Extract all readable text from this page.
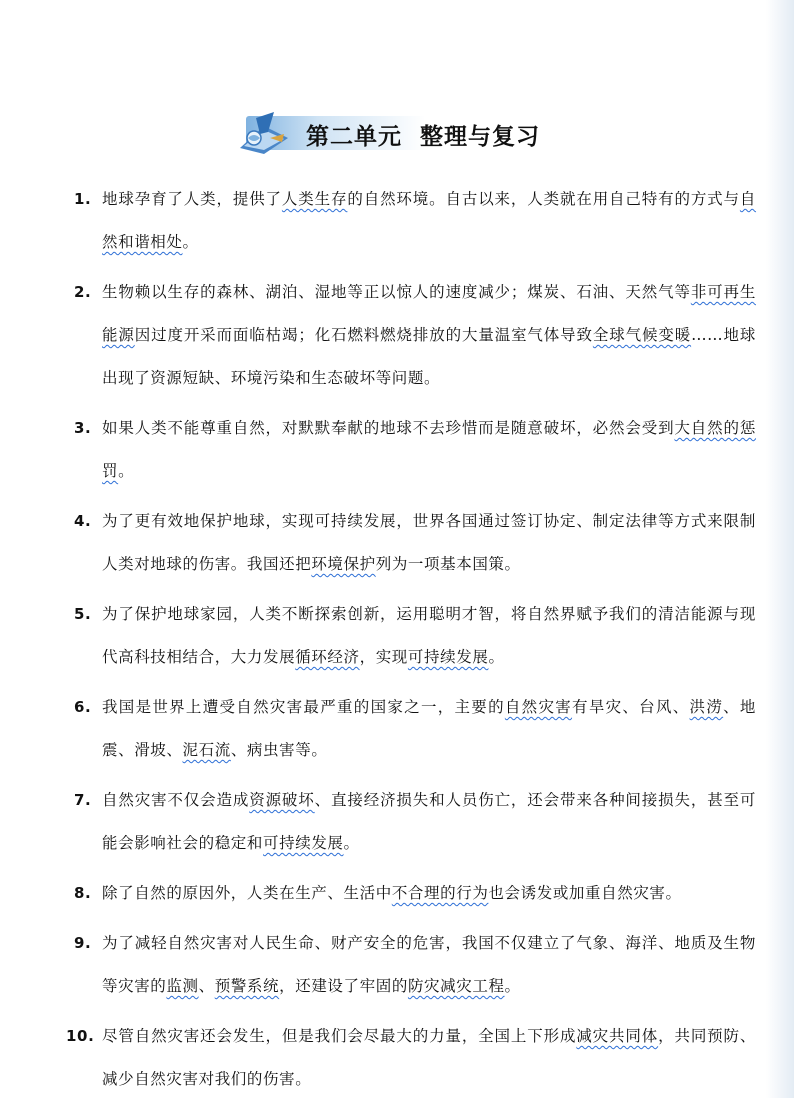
第二单元  整理与复习
1. 地球孕育了人类，提供了人类生存的自然环境。自古以来，人类就在用自己特有的方式与自然和谐相处。
2. 生物赖以生存的森林、湖泊、湿地等正以惊人的速度减少；煤炭、石油、天然气等非可再生能源因过度开采而面临枯竭；化石燃料燃烧排放的大量温室气体导致全球气候变暖……地球出现了资源短缺、环境污染和生态破坏等问题。
3. 如果人类不能尊重自然，对默默奉献的地球不去珍惜而是随意破坏，必然会受到大自然的惩罚。
4. 为了更有效地保护地球，实现可持续发展，世界各国通过签订协定、制定法律等方式来限制人类对地球的伤害。我国还把环境保护列为一项基本国策。
5. 为了保护地球家园，人类不断探索创新，运用聪明才智，将自然界赋予我们的清洁能源与现代高科技相结合，大力发展循环经济，实现可持续发展。
6. 我国是世界上遭受自然灾害最严重的国家之一，主要的自然灾害有旱灾、台风、洪涝、地震、滑坡、泥石流、病虫害等。
7. 自然灾害不仅会造成资源破坏、直接经济损失和人员伤亡，还会带来各种间接损失，甚至可能会影响社会的稳定和可持续发展。
8. 除了自然的原因外，人类在生产、生活中不合理的行为也会诱发或加重自然灾害。
9. 为了减轻自然灾害对人民生命、财产安全的危害，我国不仅建立了气象、海洋、地质及生物等灾害的监测、预警系统，还建设了牢固的防灾减灾工程。
10. 尽管自然灾害还会发生，但是我们会尽最大的力量，全国上下形成减灾共同体，共同预防、减少自然灾害对我们的伤害。
